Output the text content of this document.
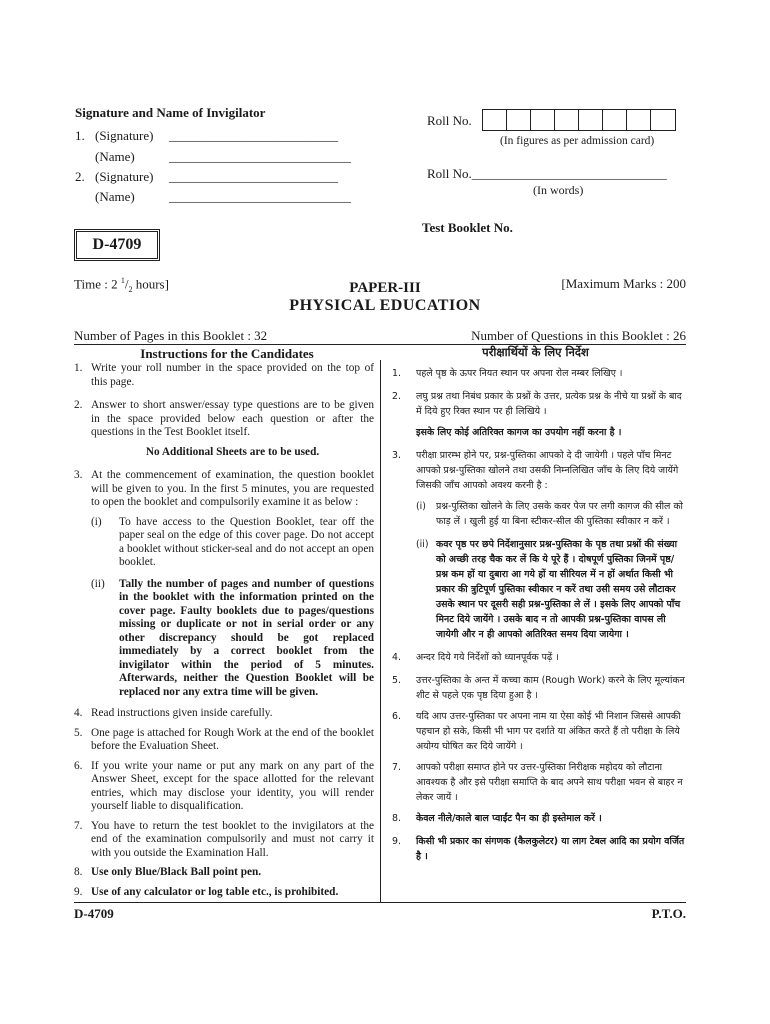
Signature and Name of Invigilator
1. (Signature) __________________________
(Name)	____________________________
2. (Signature) __________________________
(Name)	____________________________
Roll No.
(In figures as per admission card)
Roll No.______________________________
(In words)
Test Booklet No.
D-4709
Time : 2 $^1/_2$ hours]	[Maximum Marks : 200
PAPER-III
PHYSICAL EDUCATION
Number of Pages in this Booklet : 32	Number of Questions in this Booklet : 26
Instructions for the Candidates	परीक्षार्थियों के लिए निर्देश
1. Write your roll number in the space provided on the top of this page.
2. Answer to short answer/essay type questions are to be given in the space provided below each question or after the questions in the Test Booklet itself.
No Additional Sheets are to be used.
3. At the commencement of examination, the question booklet will be given to you. In the first 5 minutes, you are requested to open the booklet and compulsorily examine it as below :
(i)	To have access to the Question Booklet, tear off the paper seal on the edge of this cover page. Do not accept a booklet without sticker-seal and do not accept an open booklet.
(ii)	Tally the number of pages and number of questions in the booklet with the information printed on the cover page. Faulty booklets due to pages/questions missing or duplicate or not in serial order or any other discrepancy should be got replaced immediately by a correct booklet from the invigilator within the period of 5 minutes. Afterwards, neither the Question Booklet will be replaced nor any extra time will be given.
4. Read instructions given inside carefully.
5. One page is attached for Rough Work at the end of the booklet before the Evaluation Sheet.
6. If you write your name or put any mark on any part of the Answer Sheet, except for the space allotted for the relevant entries, which may disclose your identity, you will render yourself liable to disqualification.
7. You have to return the test booklet to the invigilators at the end of the examination compulsorily and must not carry it with you outside the Examination Hall.
8. Use only Blue/Black Ball point pen.
9. Use of any calculator or log table etc., is prohibited.
1.	पहले पृष्ठ के ऊपर नियत स्थान पर अपना रोल नम्बर लिखिए ।
2.	लघु प्रश्न तथा निबंध प्रकार के प्रश्नों के उत्तर, प्रत्येक प्रश्न के नीचे या प्रश्नों के बाद में दिये हुए रिक्त स्थान पर ही लिखिये ।
इसके लिए कोई अतिरिक्त कागज का उपयोग नहीं करना है ।
3.	परीक्षा प्रारम्भ होने पर, प्रश्न-पुस्तिका आपको दे दी जायेगी । पहले पाँच मिनट आपको प्रश्न-पुस्तिका खोलने तथा उसकी निम्नलिखित जाँच के लिए दिये जायेंगे जिसकी जाँच आपको अवश्य करनी है :
(i)	प्रश्न-पुस्तिका खोलने के लिए उसके कवर पेज पर लगी कागज की सील को फाड़ लें । खुली हुई या बिना स्टीकर-सील की पुस्तिका स्वीकार न करें ।
(ii) कवर पृष्ठ पर छपे निर्देशानुसार प्रश्न-पुस्तिका के पृष्ठ तथा प्रश्नों की संख्या को अच्छी तरह चैक कर लें कि ये पूरे हैं । दोषपूर्ण पुस्तिका जिनमें पृष्ठ/प्रश्न कम हों या दुबारा आ गये हों या सीरियल में न हों अर्थात किसी भी प्रकार की त्रुटिपूर्ण पुस्तिका स्वीकार न करें तथा उसी समय उसे लौटाकर उसके स्थान पर दूसरी सही प्रश्न-पुस्तिका ले लें । इसके लिए आपको पाँच मिनट दिये जायेंगे । उसके बाद न तो आपकी प्रश्न-पुस्तिका वापस ली जायेगी और न ही आपको अतिरिक्त समय दिया जायेगा ।
4.	अन्दर दिये गये निर्देशों को ध्यानपूर्वक पढ़ें ।
5.	उत्तर-पुस्तिका के अन्त में कच्चा काम (Rough Work) करने के लिए मूल्यांकन शीट से पहले एक पृष्ठ दिया हुआ है ।
6.	यदि आप उत्तर-पुस्तिका पर अपना नाम या ऐसा कोई भी निशान जिससे आपकी पहचान हो सके, किसी भी भाग पर दर्शाते या अंकित करते हैं तो परीक्षा के लिये अयोग्य घोषित कर दिये जायेंगे ।
7.	आपको परीक्षा समाप्त होने पर उत्तर-पुस्तिका निरीक्षक महोदय को लौटाना आवश्यक है और इसे परीक्षा समाप्ति के बाद अपने साथ परीक्षा भवन से बाहर न लेकर जायें ।
8.	केवल नीले/काले बाल प्वाईंट पैन का ही इस्तेमाल करें ।
9.	किसी भी प्रकार का संगणक (कैलकुलेटर) या लाग टेबल आदि का प्रयोग वर्जित है ।
D-4709	P.T.O.
